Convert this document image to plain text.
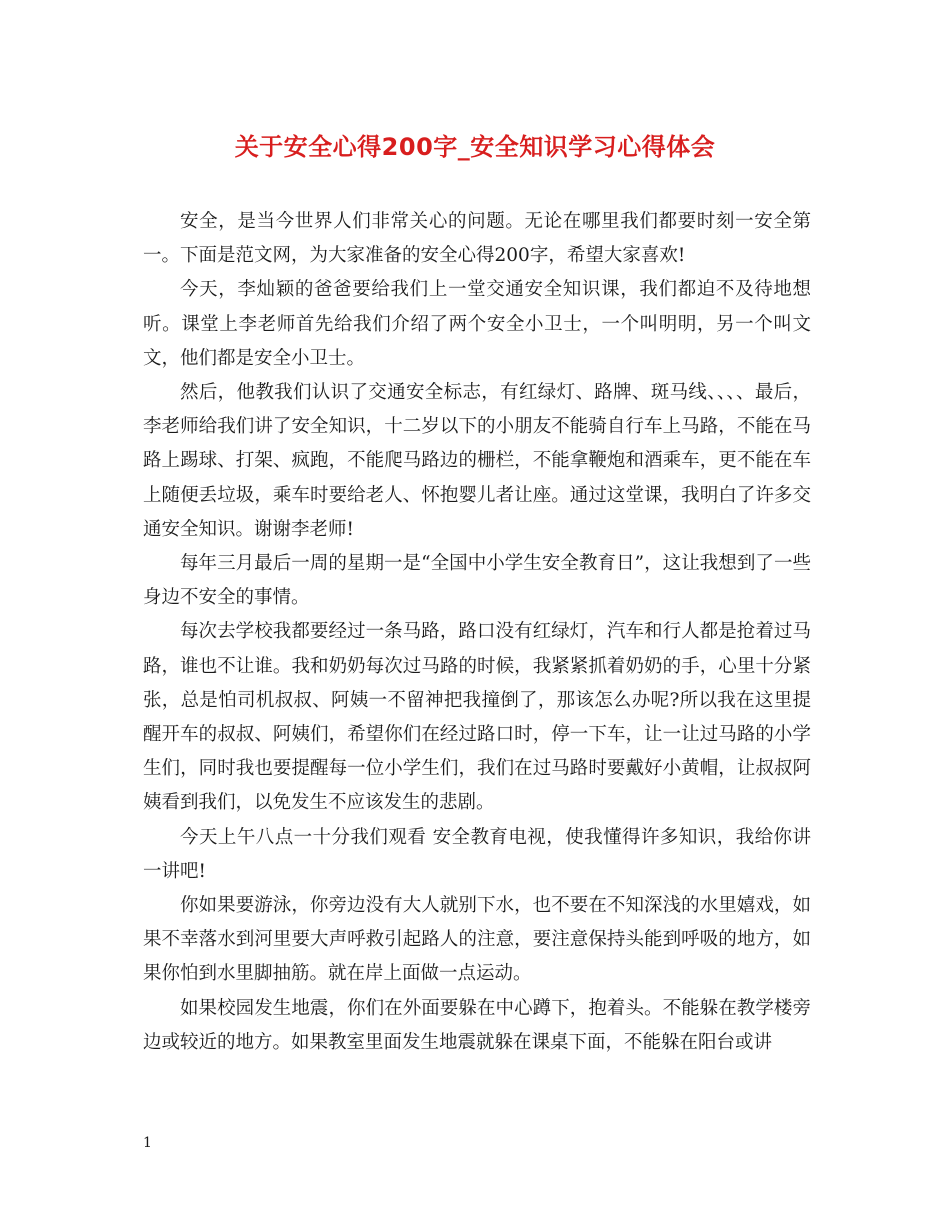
关于安全心得200字_安全知识学习心得体会

安全，是当今世界人们非常关心的问题。无论在哪里我们都要时刻一安全第一。下面是范文网，为大家准备的安全心得200字，希望大家喜欢!

今天，李灿颖的爸爸要给我们上一堂交通安全知识课，我们都迫不及待地想听。课堂上李老师首先给我们介绍了两个安全小卫士，一个叫明明，另一个叫文文，他们都是安全小卫士。

然后，他教我们认识了交通安全标志，有红绿灯、路牌、斑马线、、、、最后，李老师给我们讲了安全知识，十二岁以下的小朋友不能骑自行车上马路，不能在马路上踢球、打架、疯跑，不能爬马路边的栅栏，不能拿鞭炮和酒乘车，更不能在车上随便丢垃圾，乘车时要给老人、怀抱婴儿者让座。通过这堂课，我明白了许多交通安全知识。谢谢李老师!

每年三月最后一周的星期一是“全国中小学生安全教育日”，这让我想到了一些身边不安全的事情。

每次去学校我都要经过一条马路，路口没有红绿灯，汽车和行人都是抢着过马路，谁也不让谁。我和奶奶每次过马路的时候，我紧紧抓着奶奶的手，心里十分紧张，总是怕司机叔叔、阿姨一不留神把我撞倒了，那该怎么办呢?所以我在这里提醒开车的叔叔、阿姨们，希望你们在经过路口时，停一下车，让一让过马路的小学生们，同时我也要提醒每一位小学生们，我们在过马路时要戴好小黄帽，让叔叔阿姨看到我们，以免发生不应该发生的悲剧。

今天上午八点一十分我们观看 安全教育电视，使我懂得许多知识，我给你讲一讲吧!

你如果要游泳，你旁边没有大人就别下水，也不要在不知深浅的水里嬉戏，如果不幸落水到河里要大声呼救引起路人的注意，要注意保持头能到呼吸的地方，如果你怕到水里脚抽筋。就在岸上面做一点运动。

如果校园发生地震，你们在外面要躲在中心蹲下，抱着头。不能躲在教学楼旁边或较近的地方。如果教室里面发生地震就躲在课桌下面，不能躲在阳台或讲

1
